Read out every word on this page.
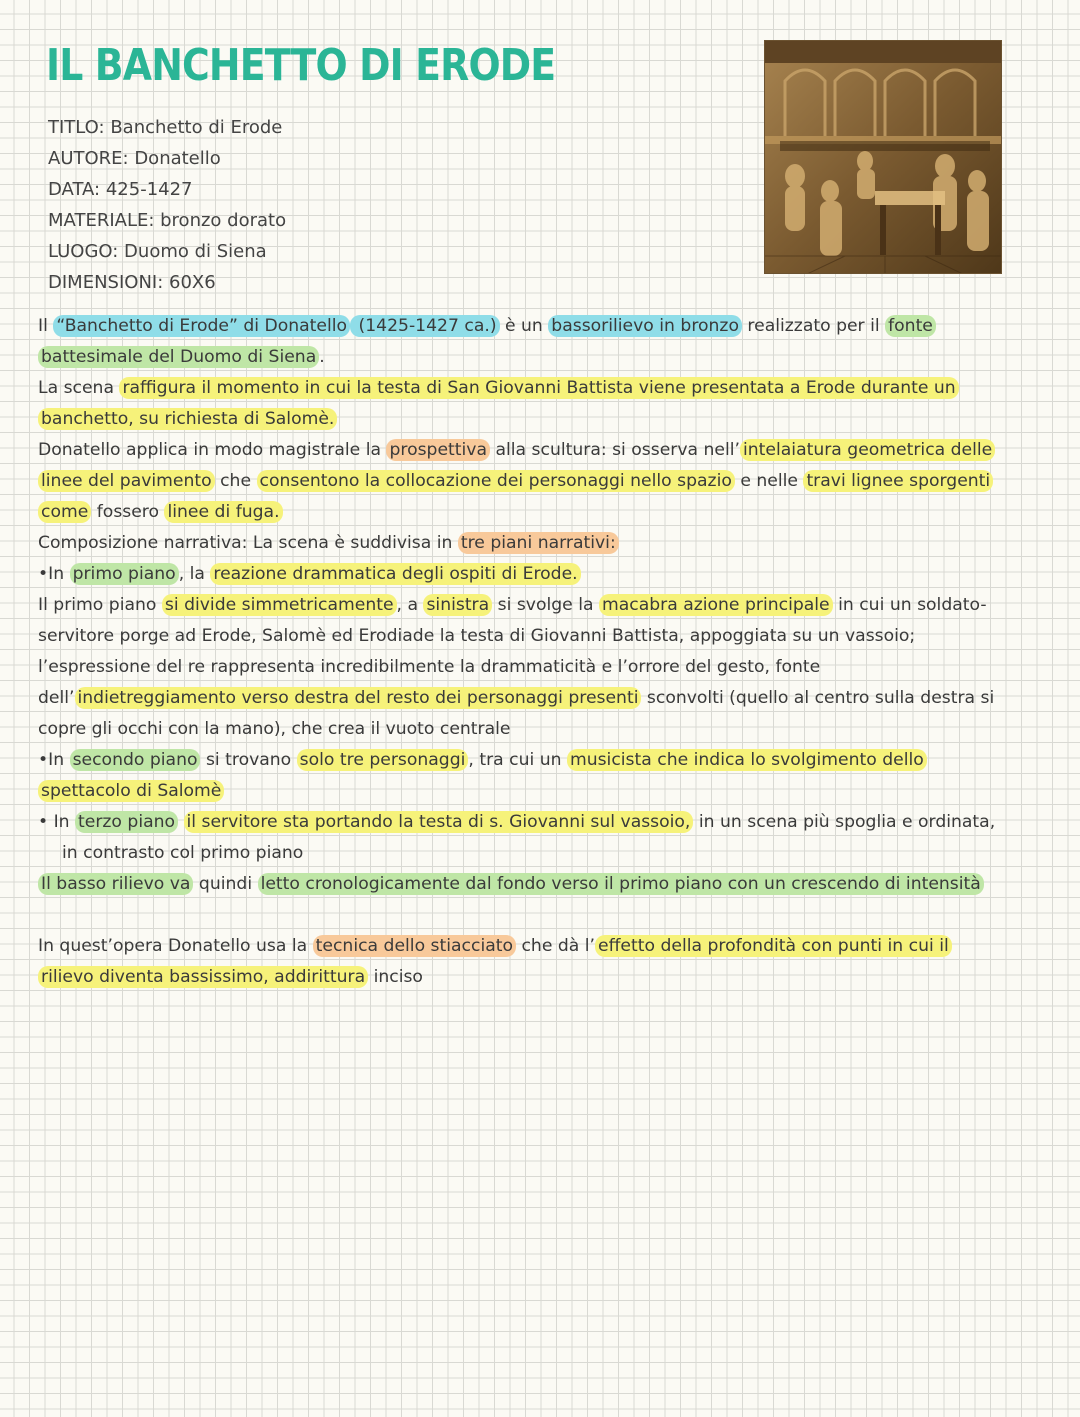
IL BANCHETTO DI ERODE
TITLO: Banchetto di Erode
AUTORE: Donatello
DATA: 425-1427
MATERIALE: bronzo dorato
LUOGO: Duomo di Siena
DIMENSIONI: 60X6

Il “Banchetto di Erode” di Donatello (1425-1427 ca.) è un bassorilievo in bronzo realizzato per il fonte battesimale del Duomo di Siena .

La scena raffigura il momento in cui la testa di San Giovanni Battista viene presentata a Erode durante un banchetto, su richiesta di Salomè.

Donatello applica in modo magistrale la prospettiva alla scultura: si osserva nell’ intelaiatura geometrica delle linee del pavimento che consentono la collocazione dei personaggi nello spazio e nelle travi lignee sporgenti come fossero linee di fuga.

Composizione narrativa: La scena è suddivisa in tre piani narrativi:

•In primo piano , la reazione drammatica degli ospiti di Erode.

Il primo piano si divide simmetricamente , a sinistra si svolge la macabra azione principale in cui un soldato-servitore porge ad Erode, Salomè ed Erodiade la testa di Giovanni Battista, appoggiata su un vassoio; l’espressione del re rappresenta incredibilmente la drammaticità e l’orrore del gesto, fonte dell’ indietreggiamento verso destra del resto dei personaggi presenti sconvolti (quello al centro sulla destra si copre gli occhi con la mano), che crea il vuoto centrale

•In secondo piano si trovano solo tre personaggi , tra cui un musicista che indica lo svolgimento dello spettacolo di Salomè

• In terzo piano il servitore sta portando la testa di s. Giovanni sul vassoio, in un scena più spoglia e ordinata, in contrasto col primo piano

Il basso rilievo va quindi letto cronologicamente dal fondo verso il primo piano con un crescendo di intensità

In quest’opera Donatello usa la tecnica dello stiacciato che dà l’ effetto della profondità con punti in cui il rilievo diventa bassissimo, addirittura inciso
